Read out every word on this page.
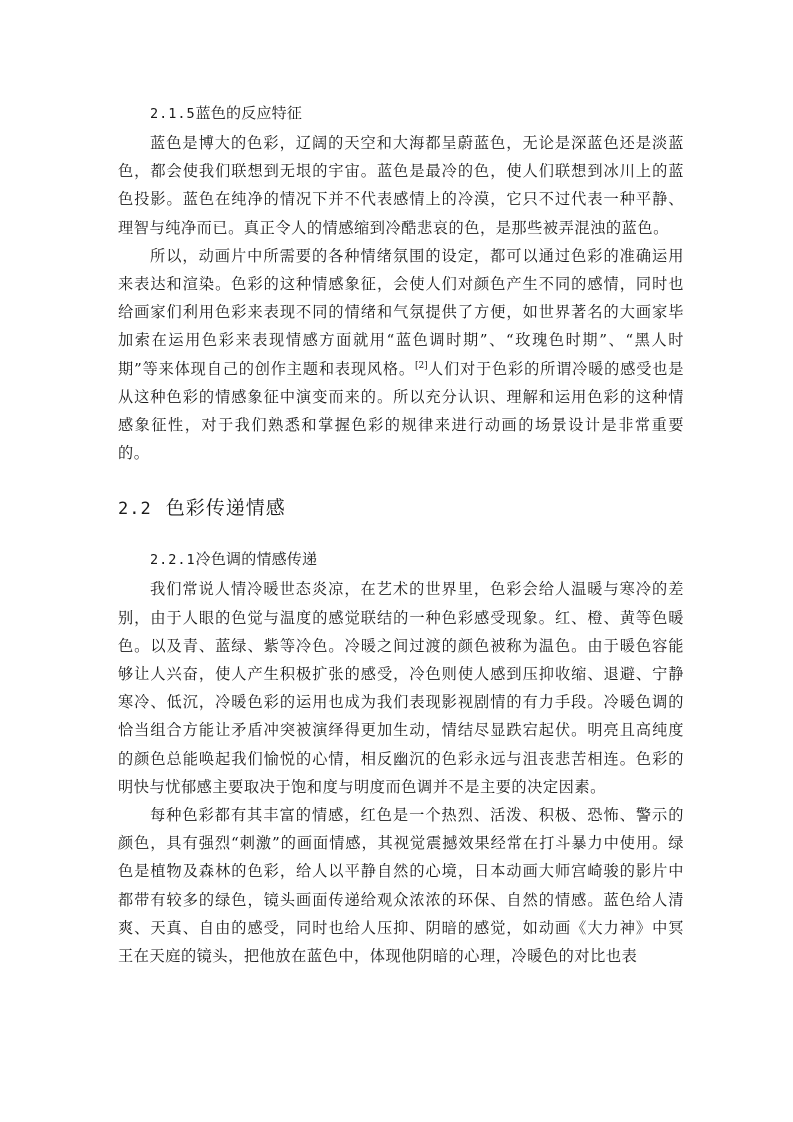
2.1.5蓝色的反应特征

蓝色是博大的色彩，辽阔的天空和大海都呈蔚蓝色，无论是深蓝色还是淡蓝色，都会使我们联想到无垠的宇宙。蓝色是最冷的色，使人们联想到冰川上的蓝色投影。蓝色在纯净的情况下并不代表感情上的冷漠，它只不过代表一种平静、理智与纯净而已。真正令人的情感缩到冷酷悲哀的色，是那些被弄混浊的蓝色。

所以，动画片中所需要的各种情绪氛围的设定，都可以通过色彩的准确运用来表达和渲染。色彩的这种情感象征，会使人们对颜色产生不同的感情，同时也给画家们利用色彩来表现不同的情绪和气氛提供了方便，如世界著名的大画家毕加索在运用色彩来表现情感方面就用“蓝色调时期”、“玫瑰色时期”、“黑人时期”等来体现自己的创作主题和表现风格。[2]人们对于色彩的所谓冷暖的感受也是从这种色彩的情感象征中演变而来的。所以充分认识、理解和运用色彩的这种情感象征性，对于我们熟悉和掌握色彩的规律来进行动画的场景设计是非常重要的。

2.2 色彩传递情感
2.2.1冷色调的情感传递

我们常说人情冷暖世态炎凉，在艺术的世界里，色彩会给人温暖与寒冷的差别，由于人眼的色觉与温度的感觉联结的一种色彩感受现象。红、橙、黄等色暖色。以及青、蓝绿、紫等冷色。冷暖之间过渡的颜色被称为温色。由于暖色容能够让人兴奋，使人产生积极扩张的感受，冷色则使人感到压抑收缩、退避、宁静寒冷、低沉，冷暖色彩的运用也成为我们表现影视剧情的有力手段。冷暖色调的恰当组合方能让矛盾冲突被演绎得更加生动，情结尽显跌宕起伏。明亮且高纯度的颜色总能唤起我们愉悦的心情，相反幽沉的色彩永远与沮丧悲苦相连。色彩的明快与忧郁感主要取决于饱和度与明度而色调并不是主要的决定因素。

每种色彩都有其丰富的情感，红色是一个热烈、活泼、积极、恐怖、警示的颜色，具有强烈“刺激”的画面情感，其视觉震撼效果经常在打斗暴力中使用。绿色是植物及森林的色彩，给人以平静自然的心境，日本动画大师宫崎骏的影片中都带有较多的绿色，镜头画面传递给观众浓浓的环保、自然的情感。蓝色给人清爽、天真、自由的感受，同时也给人压抑、阴暗的感觉，如动画《大力神》中冥王在天庭的镜头，把他放在蓝色中，体现他阴暗的心理，冷暖色的对比也表
